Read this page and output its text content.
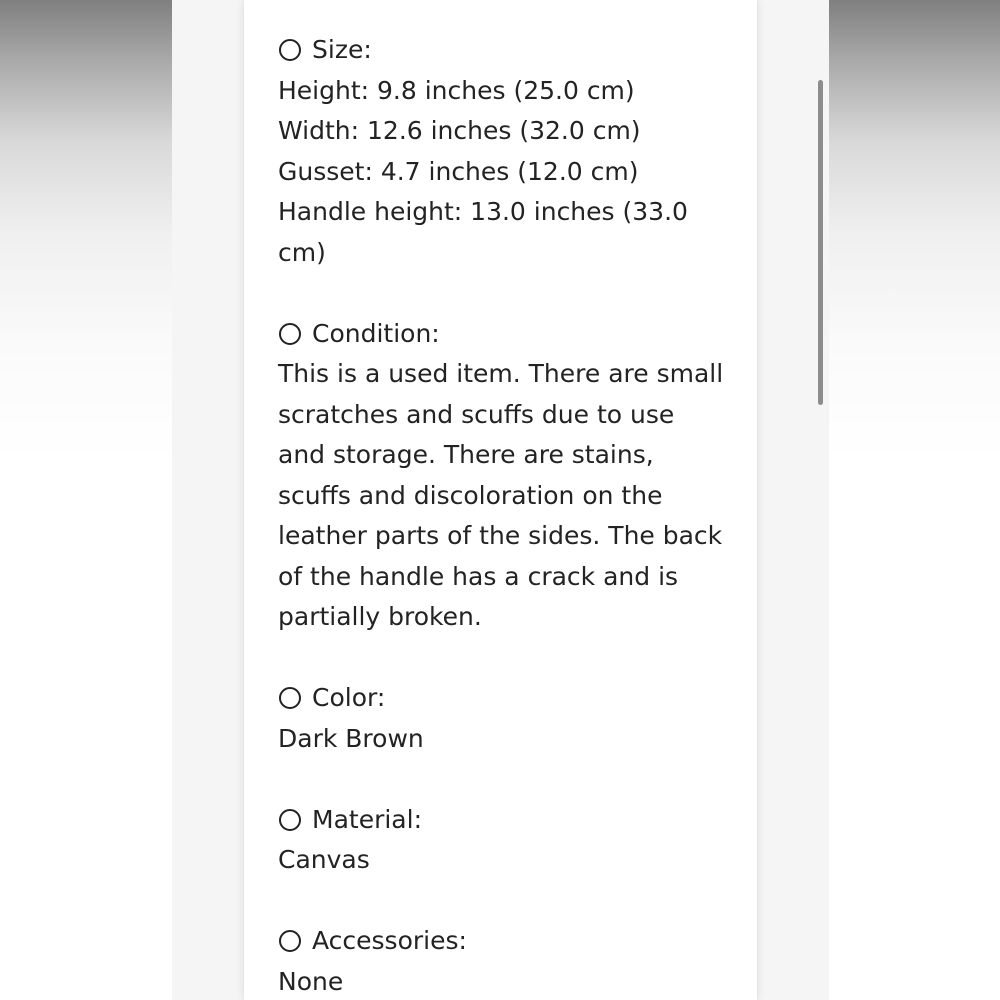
Size:
Height: 9.8 inches (25.0 cm)
Width: 12.6 inches (32.0 cm)
Gusset: 4.7 inches (12.0 cm)
Handle height: 13.0 inches (33.0 cm)
Condition:
This is a used item. There are small scratches and scuffs due to use and storage. There are stains, scuffs and discoloration on the leather parts of the sides. The back of the handle has a crack and is partially broken.
Color:
Dark Brown
Material:
Canvas
Accessories:
None
